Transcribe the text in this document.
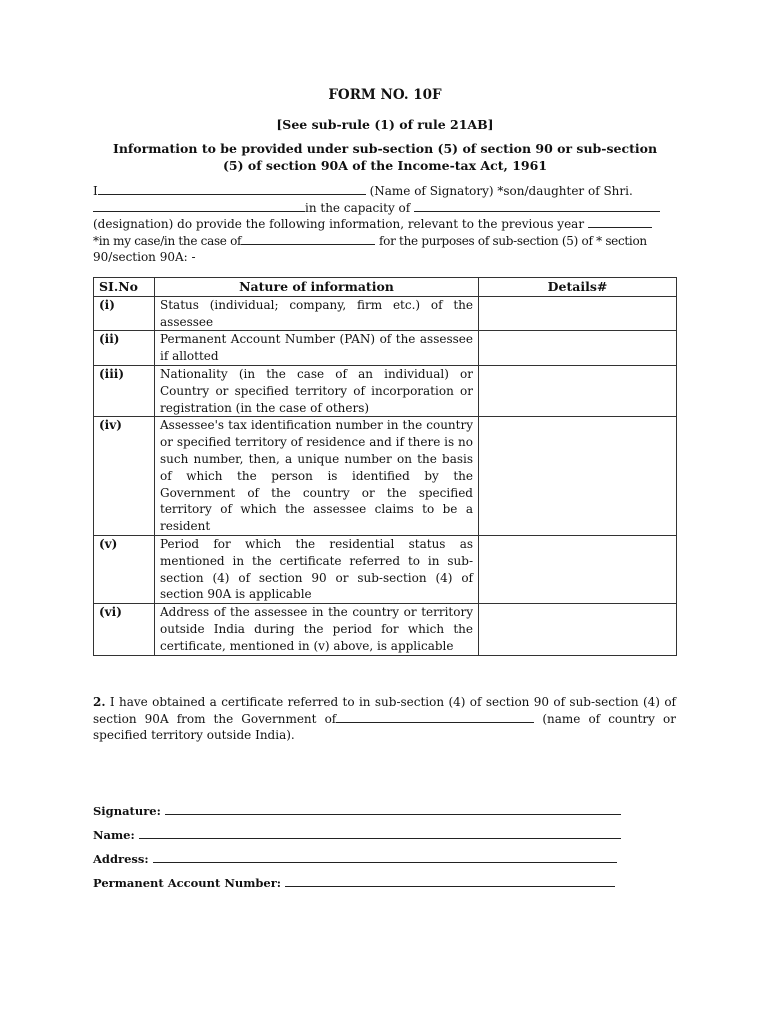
FORM NO. 10F
[See sub-rule (1) of rule 21AB]
Information to be provided under sub-section (5) of section 90 or sub-section
(5) of section 90A of the Income-tax Act, 1961
I	(Name of Signatory) *son/daughter of Shri.
in the capacity of
(designation) do provide the following information, relevant to the previous year
*in my case/in the case of	for the purposes of sub-section (5) of * section
90/section 90A: -
SI.No	Nature of information	Details#
(i)	Status (individual; company, firm etc.) of the assessee	
(ii)	Permanent Account Number (PAN) of the assessee if allotted	
(iii)	Nationality (in the case of an individual) or Country or specified territory of incorporation or registration (in the case of others)	
(iv)	Assessee's tax identification number in the country or specified territory of residence and if there is no such number, then, a unique number on the basis of which the person is identified by the Government of the country or the specified territory of which the assessee claims to be a resident	
(v)	Period for which the residential status as mentioned in the certificate referred to in sub-section (4) of section 90 or sub-section (4) of section 90A is applicable	
(vi)	Address of the assessee in the country or territory outside India during the period for which the certificate, mentioned in (v) above, is applicable	
2. I have obtained a certificate referred to in sub-section (4) of section 90 of sub-section (4) of section 90A from the Government of	(name of country or specified territory outside India).
Signature:
Name:
Address:
Permanent Account Number:
